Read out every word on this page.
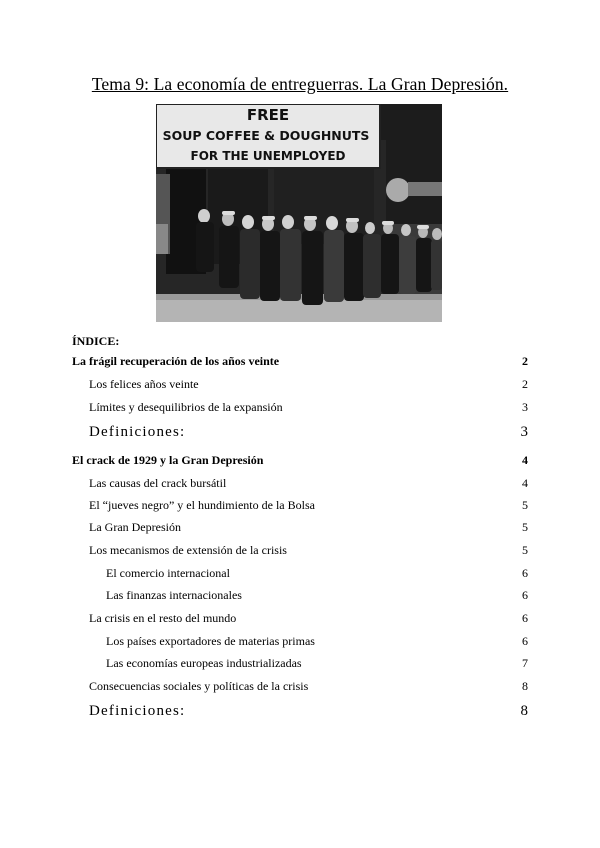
Tema 9: La economía de entreguerras. La Gran Depresión.
FREE
SOUP COFFEE & DOUGHNUTS
FOR THE UNEMPLOYED
ÍNDICE:
La frágil recuperación de los años veinte	2
Los felices años veinte	2
Límites y desequilibrios de la expansión	3
Definiciones:	3
El crack de 1929 y la Gran Depresión	4
Las causas del crack bursátil	4
El “jueves negro” y el hundimiento de la Bolsa	5
La Gran Depresión	5
Los mecanismos de extensión de la crisis	5
El comercio internacional	6
Las finanzas internacionales	6
La crisis en el resto del mundo	6
Los países exportadores de materias primas	6
Las economías europeas industrializadas	7
Consecuencias sociales y políticas de la crisis	8
Definiciones:	8
